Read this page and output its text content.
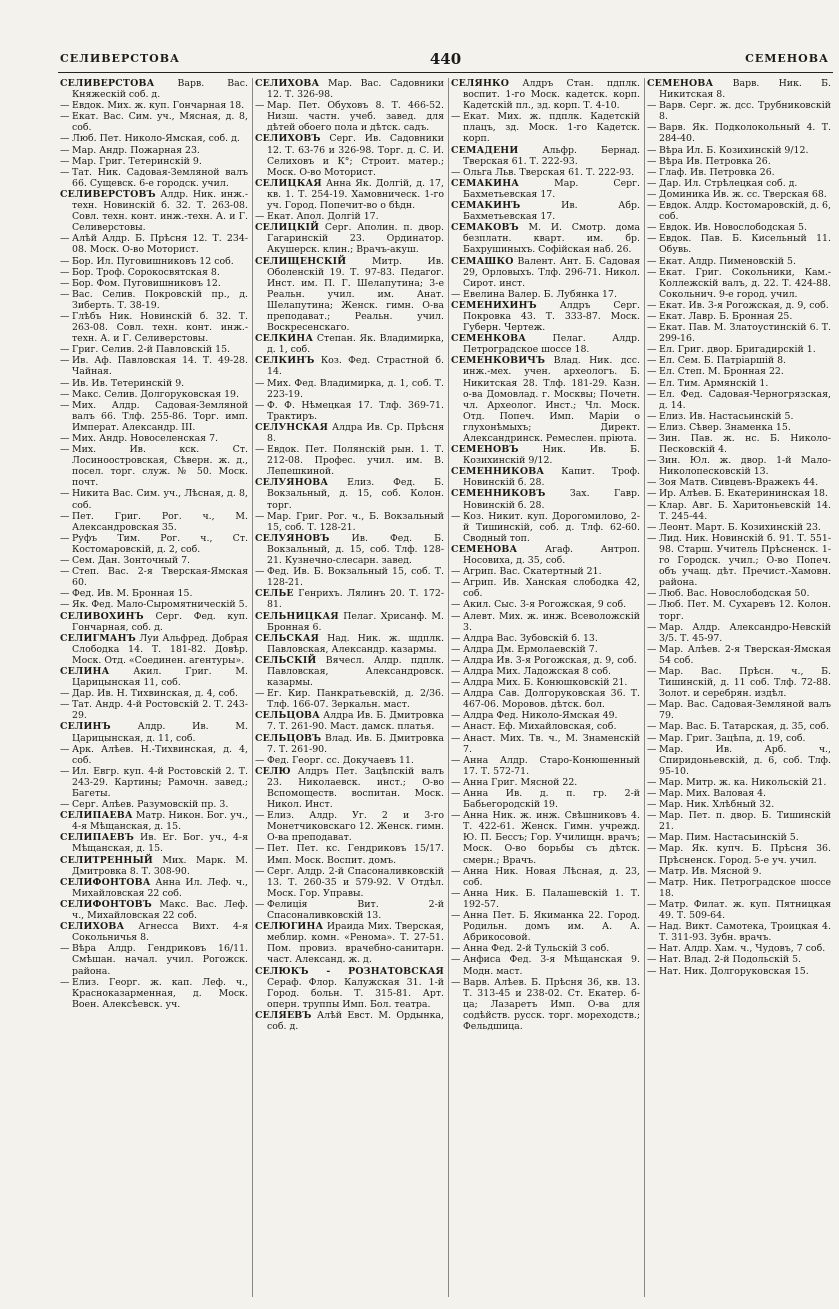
СЕЛИВЕРСТОВА	440	СЕМЕНОВА
СЕЛИВЕРСТОВА Варв. Вас. Княжескій соб. д.
— Евдок. Мих. ж. куп. Гончарная 18.
— Екат. Вас. Сим. уч., Мясная, д. 8, соб.
— Люб. Пет. Николо-Ямская, соб. д.
— Мар. Андр. Пожарная 23.
— Мар. Григ. Тетеринскій 9.
— Тат. Ник. Садовая-Земляной валъ 66. Сущевск. 6-е городск. учил.
СЕЛИВЕРСТОВЪ Алдр. Ник. инж.-техн. Новинскій б. 32. Т. 263-08. Совл. техн. конт. инж.-техн. А. и Г. Селиверстовы.
— Алѣй Алдр. Б. Прѣсня 12. Т. 234-08. Моск. О-во Моторист.
— Бор. Ил. Пуговишниковъ 12 соб.
— Бор. Троф. Сорокосвятская 8.
— Бор. Фом. Пуговишниковъ 12.
— Вас. Селив. Покровскій пр., д. Зиберть. Т. 38-19.
— Глѣбъ Ник. Новинскій б. 32. Т. 263-08. Совл. техн. конт. инж.-техн. А. и Г. Селиверстовы.
— Григ. Селив. 2-й Павловскій 15.
— Ив. Аф. Павловская 14. Т. 49-28. Чайная.
— Ив. Ив. Тетеринскій 9.
— Макс. Селив. Долгоруковская 19.
— Мих. Алдр. Садовая-Земляной валъ 66. Тлф. 255-86. Торг. имп. Императ. Александр. III.
— Мих. Андр. Новоселенская 7.
— Мих. Ив. кск. Ст. Лосиноостровская, Сѣверн. ж. д., посел. торг. служ. № 50. Моск. почт.
— Никита Вас. Сим. уч., Лѣсная, д. 8, соб.
— Пет. Григ. Рог. ч., М. Александровская 35.
— Руфъ Тим. Рог. ч., Ст. Костомаровскій, д. 2, соб.
— Сем. Дан. Зонточный 7.
— Степ. Вас. 2-я Тверская-Ямская 60.
— Фед. Ив. М. Бронная 15.
— Як. Фед. Мало-Сыромятническій 5.
СЕЛИВОХИНЪ Серг. Фед. куп. Гончарная, соб. д.
СЕЛИГМАНЪ Луи Альфред. Добрая Слободка 14. Т. 181-82. Довѣр. Моск. Отд. «Соединен. агентуры».
СЕЛИНА	Акил. Григ. М. Царицынская 11, соб.
— Дар. Ив. Н. Тихвинская, д. 4, соб.
— Тат. Андр. 4-й Ростовскій 2. Т. 243-29.
СЕЛИНЪ	Алдр. Ив. М. Царицынская, д. 11, соб.
— Арк. Алѣев. Н.-Тихвинская, д. 4, соб.
— Ил. Евгр. куп. 4-й Ростовскій 2. Т. 243-29. Картины; Рамочн. завед.; Багеты.
— Серг. Алѣев. Разумовскій пр. 3.
СЕЛИПАЕВА Матр. Никон. Бог. уч., 4-я Мѣщанская, д. 15.
СЕЛИПАЕВЪ Ив. Ег. Бог. уч., 4-я Мѣщанская, д. 15.
СЕЛИТРЕННЫЙ Мих. Марк. М. Дмитровка 8. Т. 308-90.
СЕЛИФОНТОВА Анна Ил. Леф. ч., Михайловская 22 соб.
СЕЛИФОНТОВЪ Макс. Вас. Леф. ч., Михайловская 22 соб.
СЕЛИХОВА Агнесса Вихт. 4-я Сокольничья 8.
— Вѣра Алдр. Гендриковъ 16/11. Смѣшан. начал. учил. Рогожск. района.
— Елиз. Георг. ж. кап. Леф. ч., Красноказарменная, д. Моск. Воен. Алексѣевск. уч.
СЕЛИХОВА Мар. Вас. Садовники 12. Т. 326-98.
— Мар. Пет. Обуховъ 8. Т. 466-52. Низш. частн. учеб. завед. для дѣтей обоего пола и дѣтск. садъ.
СЕЛИХОВЪ Серг. Ив. Садовники 12. Т. 63-76 и 326-98. Торг. д. С. И. Селиховъ и К°; Строит. матер.; Моск. О-во Моторист.
СЕЛИЦКАЯ Анна Як. Долгій, д. 17, кв. 1. Т. 254-19. Хамовническ. 1-го уч. Город. Попечит-во о бѣдн.
— Екат. Апол. Долгій 17.
СЕЛИЦКІЙ Серг. Аполин. п. двор. Гагаринскій 23. Ординатор. Акушерск. клин.; Врачъ-акуш.
СЕЛИЩЕНСКІЙ	Митр. Ив. Оболенскій 19. Т. 97-83. Педагог. Инст. им. П. Г. Шелапутина; 3-е Реальн. учил. им. Анат. Шелапутина; Женск. гимн. О-ва преподават.; Реальн. учил. Воскресенскаго.
СЕЛКИНА Степан. Як. Владимирка, д. 1, соб.
СЕЛКИНЪ Коз. Фед. Страстной б. 14.
— Мих. Фед. Владимирка, д. 1, соб. Т. 223-19.
— Ф. Ф. Нѣмецкая 17. Тлф. 369-71. Трактиръ.
СЕЛУНСКАЯ Алдра Ив. Ср. Прѣсня 8.
— Евдок. Пет. Полянскій рын. 1. Т. 212-08. Профес. учил. им. В. Лепешкиной.
СЕЛУЯНОВА Елиз. Фед. Б. Вокзальный, д. 15, соб. Колон. торг.
— Мар. Григ. Рог. ч., Б. Вокзальный 15, соб. Т. 128-21.
СЕЛУЯНОВЪ Ив. Фед. Б. Вокзальный, д. 15, соб. Тлф. 128-21. Кузнечно-слесарн. завед.
— Фед. Ив. Б. Вокзальный 15, соб. Т. 128-21.
СЕЛЬЕ Генрихъ. Лялинъ 20. Т. 172-81.
СЕЛЬНИЦКАЯ Пелаг. Хрисанф. М. Бронная 6.
СЕЛЬСКАЯ Над. Ник. ж. шдплк. Павловская, Александр. казармы.
СЕЛЬСКІЙ Вячесл. Алдр. пдплк. Павловская, Александровск. казармы.
— Ег. Кир. Панкратьевскій, д. 2/36. Тлф. 166-07. Зеркальн. маст.
СЕЛЬЦОВА Алдра Ив. Б. Дмитровка 7. Т. 261-90. Маст. дамск. платья.
СЕЛЬЦОВЪ Влад. Ив. Б. Дмитровка 7. Т. 261-90.
— Фед. Георг. сс. Докучаевъ 11.
СЕЛЮ Алдръ Пет. Зацѣпскій валъ 23. Николаевск. инст.; О-во Вспомоществ. воспитан. Моск. Никол. Инст.
— Елиз. Алдр. Уг. 2 и 3-го Монетчиковскаго 12. Женск. гимн. О-ва преподават.
— Пет. Пет. кс. Гендриковъ 15/17. Имп. Моск. Воспит. домъ.
— Серг. Алдр. 2-й Спасоналивковскій 13. Т. 260-35 и 579-92. V Отдѣл. Моск. Гор. Управы.
— Фелиція Вит. 2-й Спасоналивковскій 13.
СЕЛЮГИНА Ираида Мих. Тверская, меблир. комн. «Ренома». Т. 27-51. Пом. провиз. врачебно-санитарн. част. Александ. ж. д.
СЕЛЮКЪ - РОЗНАТОВСКАЯ Сераф. Флор. Калужская 31. 1-й Город. больн. Т. 315-81. Арт. оперн. труппы Имп. Бол. театра.
СЕЛЯЕВЪ Алѣй Евст. М. Ордынка, соб. д.
СЕЛЯНКО Алдръ Стан. пдплк. воспит. 1-го Моск. кадетск. корп. Кадетскій пл., зд. корп. Т. 4-10.
— Екат. Мих. ж. пдплк. Кадетскій плацъ, зд. Моск. 1-го Кадетск. корп.
СЕМАДЕНИ	Альфр. Бернад. Тверская 61. Т. 222-93.
— Ольга Льв. Тверская 61. Т. 222-93.
СЕМАКИНА	Мар. Серг. Бахметьевская 17.
СЕМАКИНЪ	Ив. Абр. Бахметьевская 17.
СЕМАКОВЪ М. И. Смотр. дома безплатн. кварт. им. бр. Бахрушиныхъ. Софійская наб. 26.
СЕМАШКО Валент. Ант. Б. Садовая 29, Орловыхъ. Тлф. 296-71. Никол. Сирот. инст.
— Евелина Валер. Б. Лубянка 17.
СЕМЕНИХИНЪ Алдръ Серг. Покровка 43. Т. 333-87. Моск. Губерн. Чертеж.
СЕМЕНКОВА	Пелаг. Алдр. Петроградское шоссе 18.
СЕМЕНКОВИЧЪ Влад. Ник. дсс. инж.-мех. учен. археологъ. Б. Никитская 28. Тлф. 181-29. Казн. о-ва Домовлад. г. Москвы; Почетн. чл. Археолог. Инст.; Чл. Моск. Отд. Попеч. Имп. Маріи о глухонѣмыхъ; Директ. Александринск. Ремеслен. пріюта.
СЕМЕНОВЪ	Ник. Ив. Б. Козихинскій 9/12.
СЕМЕННИКОВА Капит. Троф. Новинскій б. 28.
СЕМЕННИКОВЪ	Зах. Гавр. Новинскій б. 28.
— Коз. Никит. куп. Дорогомилово, 2-й Тишинскій, соб. д. Тлф. 62-60. Сводный топ.
СЕМЕНОВА	Агаф. Антроп. Носовиха, д. 35, соб.
— Агрип. Вас. Скатертный 21.
— Агрип. Ив. Ханская слободка 42, соб.
— Акил. Сыс. 3-я Рогожская, 9 соб.
— Алевт. Мих. ж. инж. Всеволожскій 3.
— Алдра Вас. Зубовскій б. 13.
— Алдра Дм. Ермолаевскій 7.
— Алдра Ив. 3-я Рогожская, д. 9, соб.
— Алдра Мих. Ладожская 8 соб.
— Алдра Мих. Б. Конюшковскій 21.
— Алдра Сав. Долгоруковская 36. Т. 467-06. Моровов. дѣтск. бол.
— Алдра Фед. Николо-Ямская 49.
— Анаст. Еф. Михайловская, соб.
— Анаст. Мих. Тв. ч., М. Знаменскій 7.
— Анна Алдр. Старо-Конюшенный 17. Т. 572-71.
— Анна Григ. Мясной 22.
— Анна Ив. д. п. гр. 2-й Бабьегородскій 19.
— Анна Ник. ж. инж. Свѣшниковъ 4. Т. 422-61. Женск. Гимн. учрежд. Ю. П. Бессъ; Гор. Училищн. врачъ; Моск. О-во борьбы съ дѣтск. смерн.; Врачъ.
— Анна Ник. Новая Лѣсная, д. 23, соб.
— Анна Ник. Б. Палашевскій 1. Т. 192-57.
— Анна Пет. Б. Якиманка 22. Город. Родильн. домъ им. А. А. Абрикосовой.
— Анна Фед. 2-й Тульскій 3 соб.
— Анфиса Фед. 3-я Мѣщанская 9. Модн. маст.
— Варв. Алѣев. Б. Прѣсня 36, кв. 13. Т. 313-45 и 238-02. Ст. Екатер. б-ца; Лазаретъ Имп. О-ва для содѣйств. русск. торг. мореходств.; Фельдшица.
СЕМЕНОВА Варв. Ник. Б. Никитская 8.
— Варв. Серг. ж. дсс. Трубниковскій 8.
— Варв. Як. Подколокольный 4. Т. 284-40.
— Вѣра Ил. Б. Козихинскій 9/12.
— Вѣра Ив. Петровка 26.
— Глаф. Ив. Петровка 26.
— Дар. Ил. Стрѣлецкая соб. д.
— Доминика Ив. ж. сс. Тверская 68.
— Евдок. Алдр. Костомаровскій, д. 6, соб.
— Евдок. Ив. Новослободская 5.
— Евдок. Пав. Б. Кисельный 11. Обувь.
— Екат. Алдр. Пименовскій 5.
— Екат. Григ. Сокольники, Кам.-Коллежскій валъ, д. 22. Т. 424-88. Сокольнич. 9-е город. учил.
— Екат. Ив. 3-я Рогожская, д. 9, соб.
— Екат. Лавр. Б. Бронная 25.
— Екат. Пав. М. Златоустинскій 6. Т. 299-16.
— Ел. Григ. двор. Бригадирскій 1.
— Ел. Сем. Б. Патріаршій 8.
— Ел. Степ. М. Бронная 22.
— Ел. Тим. Армянскій 1.
— Ел. Фед. Садовая-Черногрязская, д. 14.
— Елиз. Ив. Настасьинскій 5.
— Елиз. Сѣвер. Знаменка 15.
— Зин. Пав. ж. нс. Б. Николо-Песковскій 4.
— Зин. Юл. ж. двор. 1-й Мало-Николопесковскій 13.
— Зоя Матв. Сивцевъ-Вражекъ 44.
— Ир. Алѣев. Б. Екатерининская 18.
— Клар. Авг. Б. Харитоньевскій 14. Т. 245-44.
— Леонт. Март. Б. Козихинскій 23.
— Лид. Ник. Новинскій б. 91. Т. 551-98. Старш. Учитель Прѣсненск. 1-го Городск. учил.; О-во Попеч. объ учащ. дѣт. Пречист.-Хамовн. района.
— Люб. Вас. Новослободская 50.
— Люб. Пет. М. Сухаревъ 12. Колон. торг.
— Мар. Алдр. Александро-Невскій 3/5. Т. 45-97.
— Мар. Алѣев. 2-я Тверская-Ямская 54 соб.
— Мар. Вас. Прѣсн. ч., Б. Тишинскій, д. 11 соб. Тлф. 72-88. Золот. и серебрян. издѣл.
— Мар. Вас. Садовая-Земляной валъ 79.
— Мар. Вас. Б. Татарская, д. 35, соб.
— Мар. Григ. Зацѣпа, д. 19, соб.
— Мар. Ив. Арб. ч., Спиридоньевскій, д. 6, соб. Тлф. 95-10.
— Мар. Митр. ж. ка. Никольскій 21.
— Мар. Мих. Валовая 4.
— Мар. Ник. Хлѣбный 32.
— Мар. Пет. п. двор. Б. Тишинскій 21.
— Мар. Пим. Настасьинскій 5.
— Мар. Як. купч. Б. Прѣсня 36. Прѣсненск. Город. 5-е уч. учил.
— Матр. Ив. Мясной 9.
— Матр. Ник. Петроградское шоссе 18.
— Матр. Филат. ж. куп. Пятницкая 49. Т. 509-64.
— Над. Викт. Самотека, Троицкая 4. Т. 311-93. Зубн. врачъ.
— Нат. Алдр. Хам. ч., Чудовъ, 7 соб.
— Нат. Влад. 2-й Подольскій 5.
— Нат. Ник. Долгоруковская 15.
